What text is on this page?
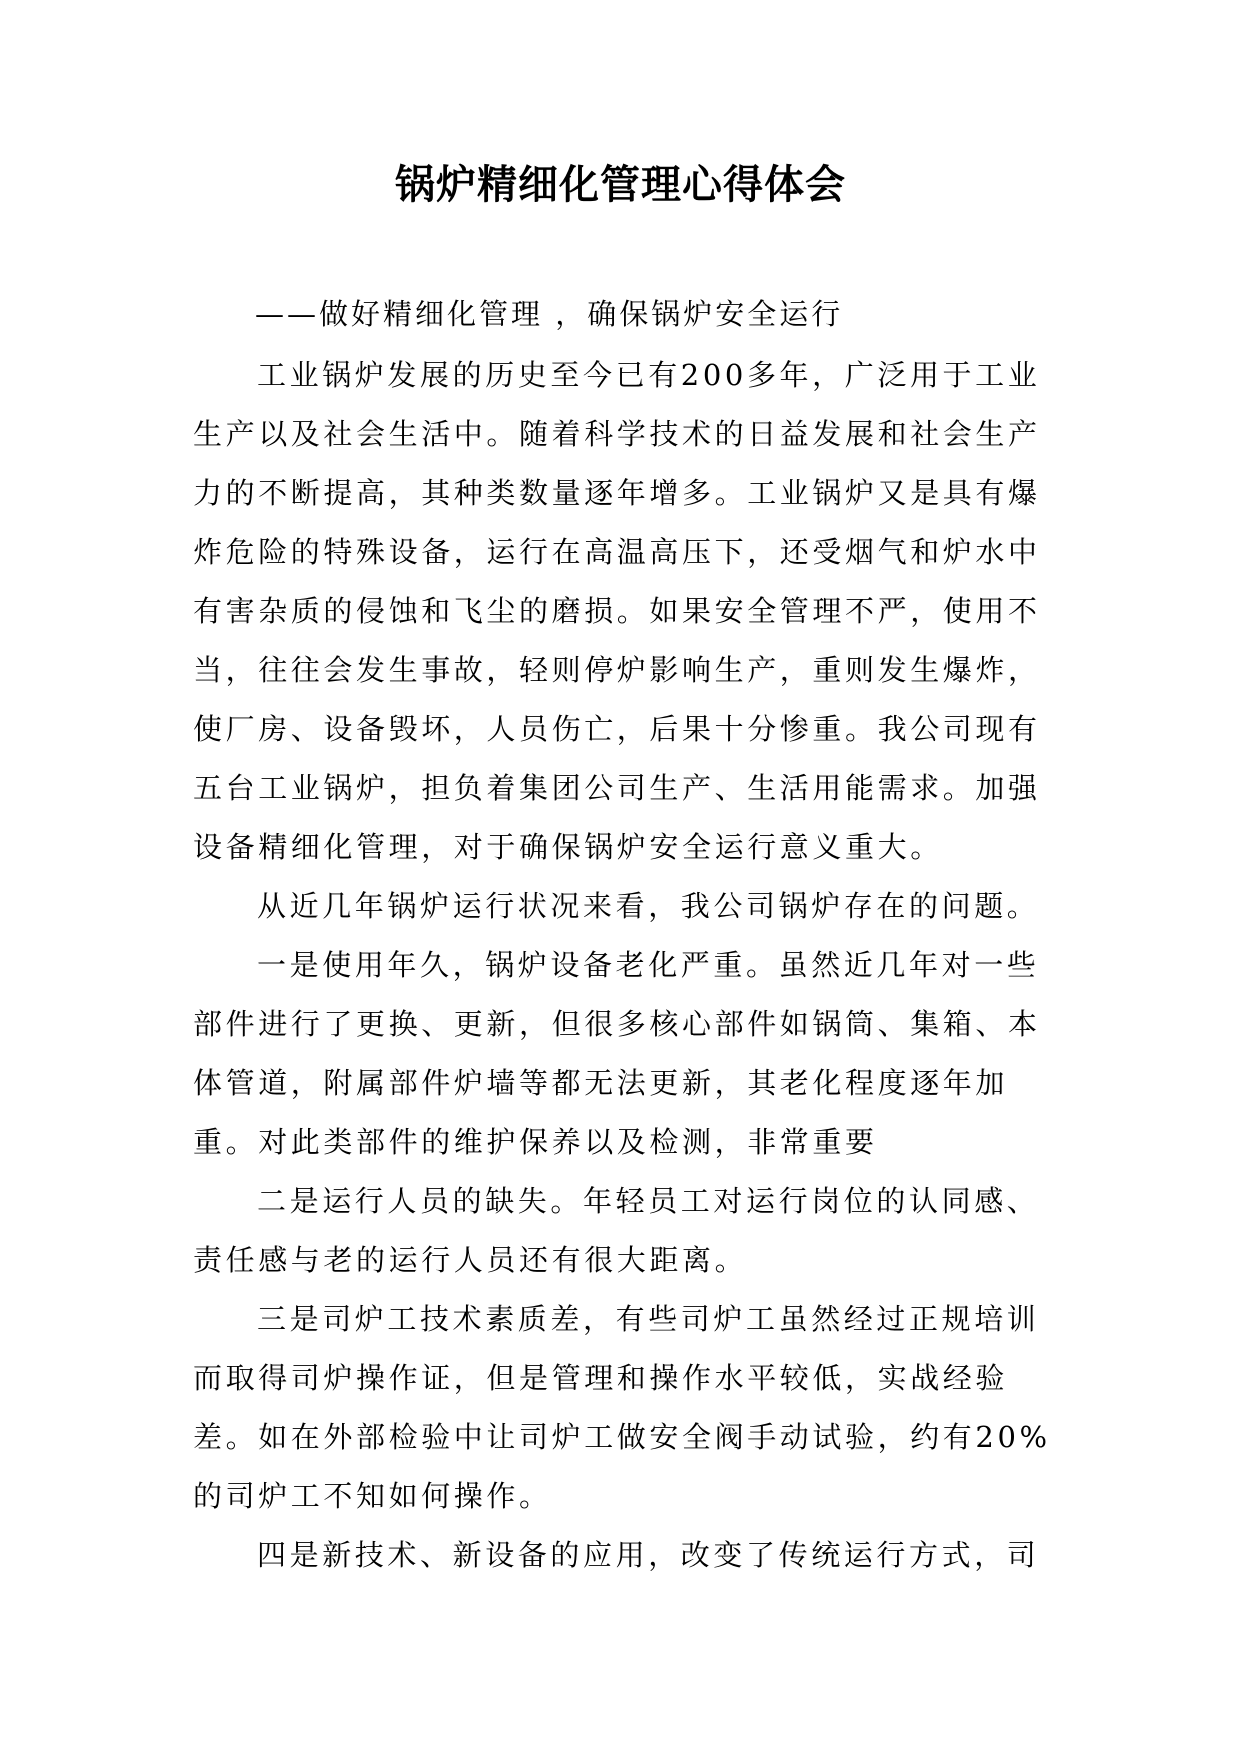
锅炉精细化管理心得体会

——做好精细化管理 ，确保锅炉安全运行

工业锅炉发展的历史至今已有200多年，广泛用于工业生产以及社会生活中。随着科学技术的日益发展和社会生产力的不断提高，其种类数量逐年增多。工业锅炉又是具有爆炸危险的特殊设备，运行在高温高压下，还受烟气和炉水中有害杂质的侵蚀和飞尘的磨损。如果安全管理不严，使用不当，往往会发生事故，轻则停炉影响生产，重则发生爆炸，使厂房、设备毁坏，人员伤亡，后果十分惨重。我公司现有五台工业锅炉，担负着集团公司生产、生活用能需求。加强设备精细化管理，对于确保锅炉安全运行意义重大。

从近几年锅炉运行状况来看，我公司锅炉存在的问题。

一是使用年久，锅炉设备老化严重。虽然近几年对一些部件进行了更换、更新，但很多核心部件如锅筒、集箱、本体管道，附属部件炉墙等都无法更新，其老化程度逐年加重。对此类部件的维护保养以及检测，非常重要

二是运行人员的缺失。年轻员工对运行岗位的认同感、责任感与老的运行人员还有很大距离。

三是司炉工技术素质差，有些司炉工虽然经过正规培训而取得司炉操作证，但是管理和操作水平较低，实战经验差。如在外部检验中让司炉工做安全阀手动试验，约有20%的司炉工不知如何操作。

四是新技术、新设备的应用，改变了传统运行方式，司
